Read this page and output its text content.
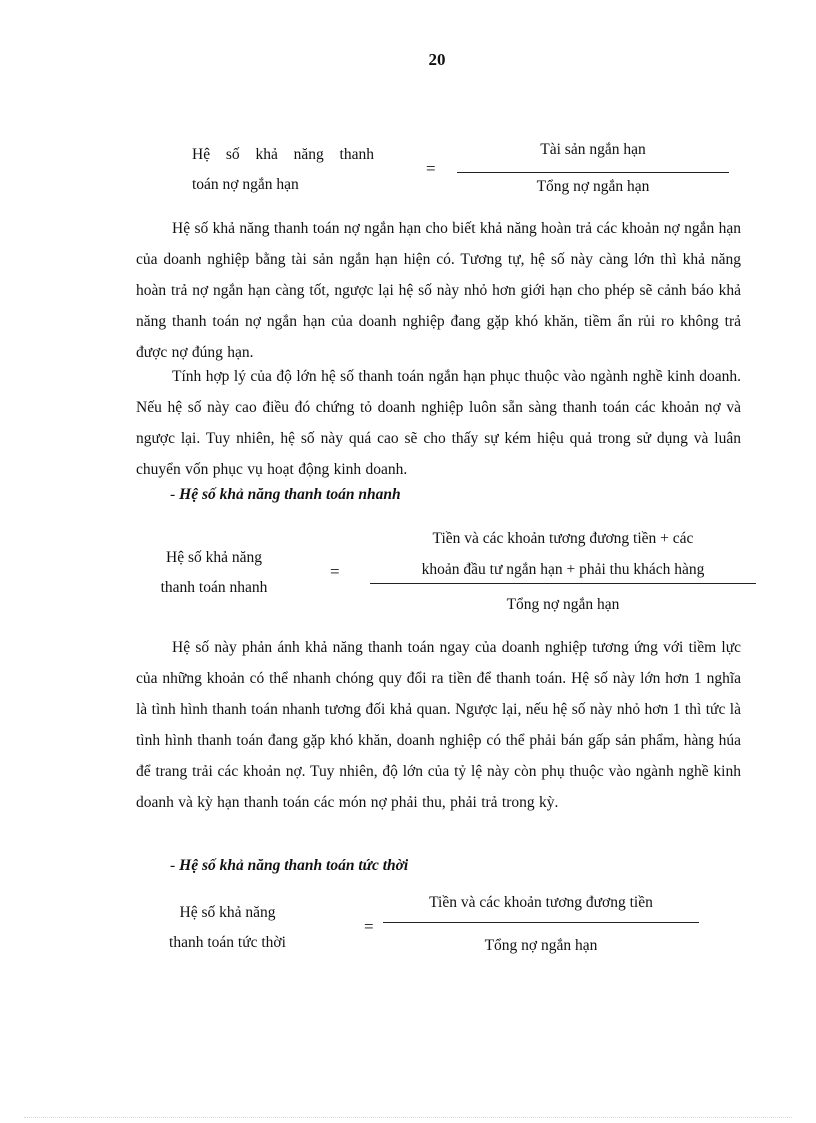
20
Hệ số khả năng thanh
toán nợ ngắn hạn
=
Tài sản ngắn hạn
Tổng nợ ngắn hạn
Hệ số khả năng thanh toán nợ ngắn hạn cho biết khả năng hoàn trả các khoản nợ ngắn hạn của doanh nghiệp bằng tài sản ngắn hạn hiện có. Tương tự, hệ số này càng lớn thì khả năng hoàn trả nợ ngắn hạn càng tốt, ngược lại hệ số này nhỏ hơn giới hạn cho phép sẽ cảnh báo khả năng thanh toán nợ ngắn hạn của doanh nghiệp đang gặp khó khăn, tiềm ẩn rủi ro không trả được nợ đúng hạn.
Tính hợp lý của độ lớn hệ số thanh toán ngắn hạn phục thuộc vào ngành nghề kinh doanh. Nếu hệ số này cao điều đó chứng tỏ doanh nghiệp luôn sẵn sàng thanh toán các khoản nợ và ngược lại. Tuy nhiên, hệ số này quá cao sẽ cho thấy sự kém hiệu quả trong sử dụng và luân chuyển vốn phục vụ hoạt động kinh doanh.
- Hệ số khả năng thanh toán nhanh
Hệ số khả năng
thanh toán nhanh
=
Tiền và các khoản tương đương tiền + các
khoản đầu tư ngắn hạn + phải thu khách hàng
Tổng nợ ngắn hạn
Hệ số này phản ánh khả năng thanh toán ngay của doanh nghiệp tương ứng với tiềm lực của những khoản có thể nhanh chóng quy đổi ra tiền để thanh toán. Hệ số này lớn hơn 1 nghĩa là tình hình thanh toán nhanh tương đối khả quan. Ngược lại, nếu hệ số này nhỏ hơn 1 thì tức là tình hình thanh toán đang gặp khó khăn, doanh nghiệp có thể phải bán gấp sản phẩm, hàng húa để trang trải các khoản nợ. Tuy nhiên, độ lớn của tỷ lệ này còn phụ thuộc vào ngành nghề kinh doanh và kỳ hạn thanh toán các món nợ phải thu, phải trả trong kỳ.
- Hệ số khả năng thanh toán tức thời
Hệ số khả năng
thanh toán tức thời
=
Tiền và các khoản tương đương tiền
Tổng nợ ngắn hạn
